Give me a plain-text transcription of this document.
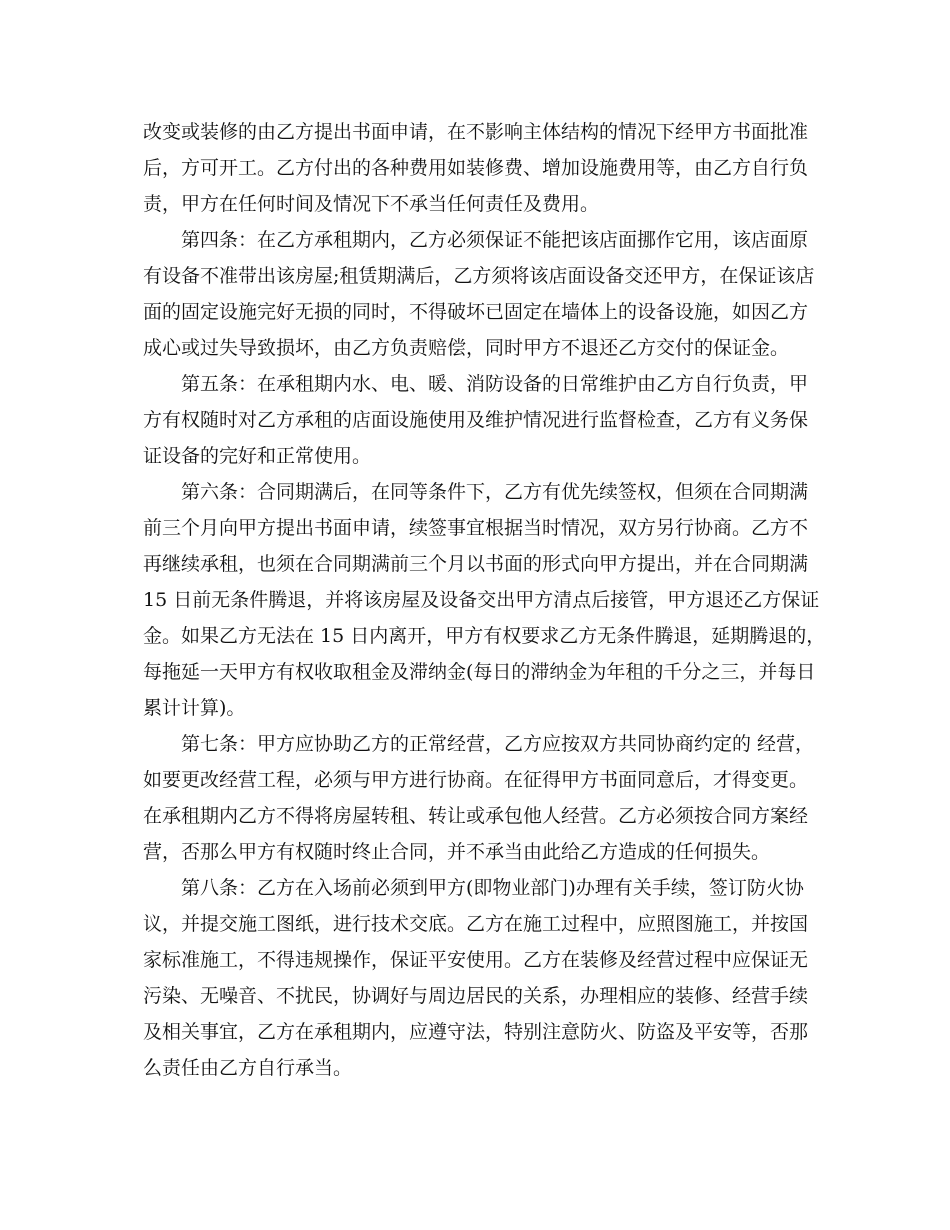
改变或装修的由乙方提出书面申请，在不影响主体结构的情况下经甲方书面批准
后，方可开工。乙方付出的各种费用如装修费、增加设施费用等，由乙方自行负
责，甲方在任何时间及情况下不承当任何责任及费用。
第四条：在乙方承租期内，乙方必须保证不能把该店面挪作它用，该店面原
有设备不准带出该房屋;租赁期满后，乙方须将该店面设备交还甲方，在保证该店
面的固定设施完好无损的同时，不得破坏已固定在墙体上的设备设施，如因乙方
成心或过失导致损坏，由乙方负责赔偿，同时甲方不退还乙方交付的保证金。
第五条：在承租期内水、电、暖、消防设备的日常维护由乙方自行负责，甲
方有权随时对乙方承租的店面设施使用及维护情况进行监督检查，乙方有义务保
证设备的完好和正常使用。
第六条：合同期满后，在同等条件下，乙方有优先续签权，但须在合同期满
前三个月向甲方提出书面申请，续签事宜根据当时情况，双方另行协商。乙方不
再继续承租，也须在合同期满前三个月以书面的形式向甲方提出，并在合同期满
15 日前无条件腾退，并将该房屋及设备交出甲方清点后接管，甲方退还乙方保证
金。如果乙方无法在 15 日内离开，甲方有权要求乙方无条件腾退，延期腾退的，
每拖延一天甲方有权收取租金及滞纳金(每日的滞纳金为年租的千分之三，并每日
累计计算)。
第七条：甲方应协助乙方的正常经营，乙方应按双方共同协商约定的 经营，
如要更改经营工程，必须与甲方进行协商。在征得甲方书面同意后，才得变更。
在承租期内乙方不得将房屋转租、转让或承包他人经营。乙方必须按合同方案经
营，否那么甲方有权随时终止合同，并不承当由此给乙方造成的任何损失。
第八条：乙方在入场前必须到甲方(即物业部门)办理有关手续，签订防火协
议，并提交施工图纸，进行技术交底。乙方在施工过程中，应照图施工，并按国
家标准施工，不得违规操作，保证平安使用。乙方在装修及经营过程中应保证无
污染、无噪音、不扰民，协调好与周边居民的关系，办理相应的装修、经营手续
及相关事宜，乙方在承租期内，应遵守法，特别注意防火、防盗及平安等，否那
么责任由乙方自行承当。
